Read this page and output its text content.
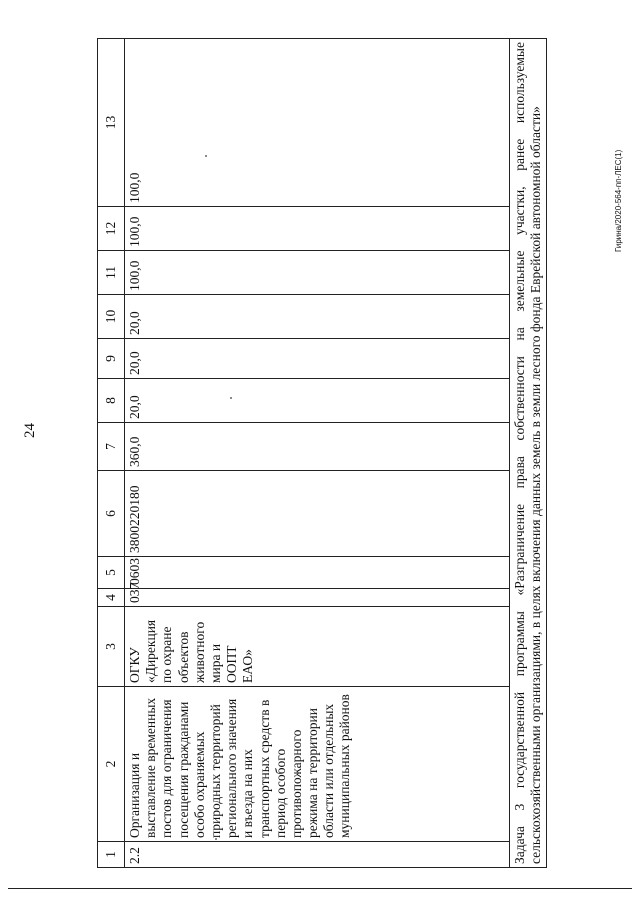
24
Гирина/2020-564-пп-ЛЕС(1)
1	2	3	4	5	6	7	8	9	10	11	12	13
2.2	Организация и выставление временных постов для ограничения посещения гражданами особо охраняемых природных территорий регионального значения и въезда на них транспортных средств в период особого противопожарного режима на территории области или отдельных муниципальных районов	ОГКУ «Дирекция по охране объектов животного мира и ООПТ ЕАО»	037	0603	3800220180	360,0	20,0	20,0	20,0	100,0	100,0	100,0
Задача 3 государственной программы «Разграничение права собственности на земельные участки, ранее используемые сельскохозяйственными организациями, в целях включения данных земель в земли лесного фонда Еврейской автономной области»												
